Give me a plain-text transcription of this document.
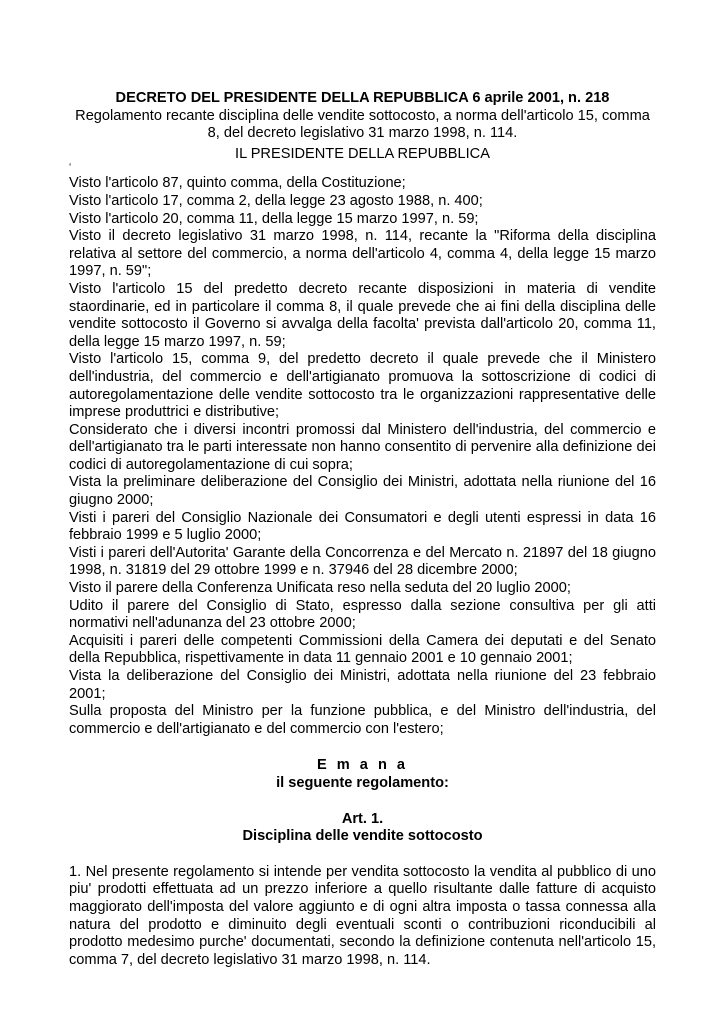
DECRETO DEL PRESIDENTE DELLA REPUBBLICA 6 aprile 2001, n. 218

Regolamento recante disciplina delle vendite sottocosto, a norma dell'articolo 15, comma 8, del decreto legislativo 31 marzo 1998, n. 114.

IL PRESIDENTE DELLA REPUBBLICA

‘

Visto l'articolo 87, quinto comma, della Costituzione;

Visto l'articolo 17, comma 2, della legge 23 agosto 1988, n. 400;

Visto l'articolo 20, comma 11, della legge 15 marzo 1997, n. 59;

Visto il decreto legislativo 31 marzo 1998, n. 114, recante la "Riforma della disciplina relativa al settore del commercio, a norma dell'articolo 4, comma 4, della legge 15 marzo 1997, n. 59";

Visto l'articolo 15 del predetto decreto recante disposizioni in materia di vendite staordinarie, ed in particolare il comma 8, il quale prevede che ai fini della disciplina delle vendite sottocosto il Governo si avvalga della facolta' prevista dall'articolo 20, comma 11, della legge 15 marzo 1997, n. 59;

Visto l'articolo 15, comma 9, del predetto decreto il quale prevede che il Ministero dell'industria, del commercio e dell'artigianato promuova la sottoscrizione di codici di autoregolamentazione delle vendite sottocosto tra le organizzazioni rappresentative delle imprese produttrici e distributive;

Considerato che i diversi incontri promossi dal Ministero dell'industria, del commercio e dell'artigianato tra le parti interessate non hanno consentito di pervenire alla definizione dei codici di autoregolamentazione di cui sopra;

Vista la preliminare deliberazione del Consiglio dei Ministri, adottata nella riunione del 16 giugno 2000;

Visti i pareri del Consiglio Nazionale dei Consumatori e degli utenti espressi in data 16 febbraio 1999 e 5 luglio 2000;

Visti i pareri dell'Autorita' Garante della Concorrenza e del Mercato n. 21897 del 18 giugno 1998, n. 31819 del 29 ottobre 1999 e n. 37946 del 28 dicembre 2000;

Visto il parere della Conferenza Unificata reso nella seduta del 20 luglio 2000;

Udito il parere del Consiglio di Stato, espresso dalla sezione consultiva per gli atti normativi nell'adunanza del 23 ottobre 2000;

Acquisiti i pareri delle competenti Commissioni della Camera dei deputati e del Senato della Repubblica, rispettivamente in data 11 gennaio 2001 e 10 gennaio 2001;

Vista la deliberazione del Consiglio dei Ministri, adottata nella riunione del 23 febbraio 2001;

Sulla proposta del Ministro per la funzione pubblica, e del Ministro dell'industria, del commercio e dell'artigianato e del commercio con l'estero;

E m a n a
il seguente regolamento:
Art. 1.
Disciplina delle vendite sottocosto

1. Nel presente regolamento si intende per vendita sottocosto la vendita al pubblico di uno piu' prodotti effettuata ad un prezzo inferiore a quello risultante dalle fatture di acquisto maggiorato dell'imposta del valore aggiunto e di ogni altra imposta o tassa connessa alla natura del prodotto e diminuito degli eventuali sconti o contribuzioni riconducibili al prodotto medesimo purche' documentati, secondo la definizione contenuta nell'articolo 15, comma 7, del decreto legislativo 31 marzo 1998, n. 114.
